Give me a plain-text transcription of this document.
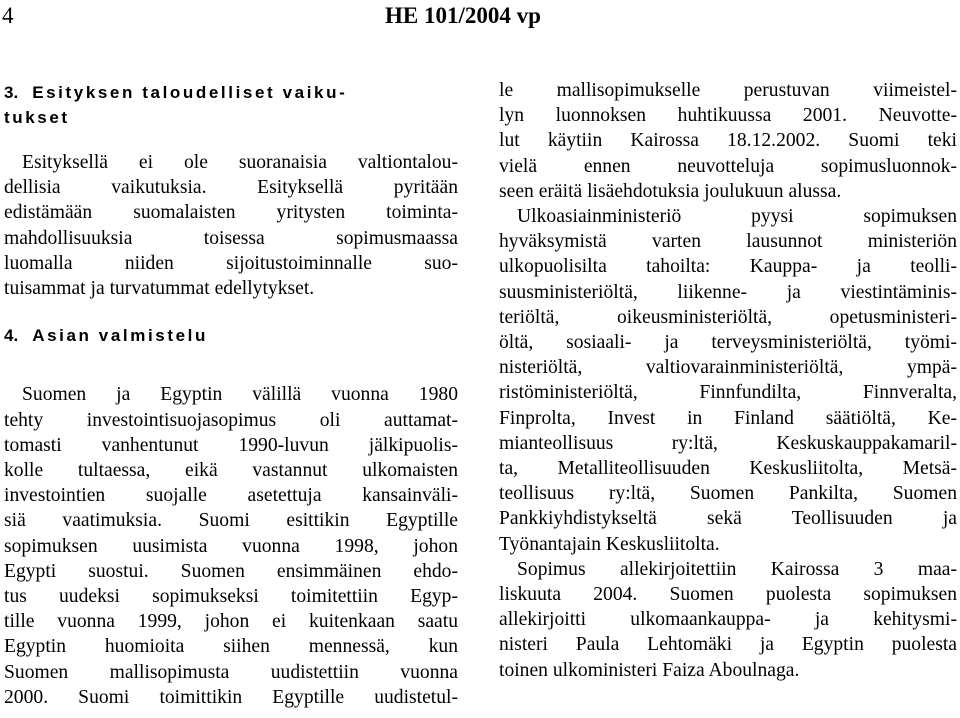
4	HE 101/2004 vp
3. Esityksen taloudelliset vaiku-
tukset

Esityksellä ei ole suoranaisia valtiontalou-

dellisia vaikutuksia. Esityksellä pyritään

edistämään suomalaisten yritysten toiminta-

mahdollisuuksia toisessa sopimusmaassa

luomalla niiden sijoitustoiminnalle suo-

tuisammat ja turvatummat edellytykset.

4. Asian valmistelu

Suomen ja Egyptin välillä vuonna 1980

tehty investointisuojasopimus oli auttamat-

tomasti vanhentunut 1990-luvun jälkipuolis-

kolle tultaessa, eikä vastannut ulkomaisten

investointien suojalle asetettuja kansainväli-

siä vaatimuksia. Suomi esittikin Egyptille

sopimuksen uusimista vuonna 1998, johon

Egypti suostui. Suomen ensimmäinen ehdo-

tus uudeksi sopimukseksi toimitettiin Egyp-

tille vuonna 1999, johon ei kuitenkaan saatu

Egyptin huomioita siihen mennessä, kun

Suomen mallisopimusta uudistettiin vuonna

2000. Suomi toimittikin Egyptille uudistetul-

le mallisopimukselle perustuvan viimeistel-

lyn luonnoksen huhtikuussa 2001. Neuvotte-

lut käytiin Kairossa 18.12.2002. Suomi teki

vielä ennen neuvotteluja sopimusluonnok-

seen eräitä lisäehdotuksia joulukuun alussa.

Ulkoasiainministeriö pyysi sopimuksen

hyväksymistä varten lausunnot ministeriön

ulkopuolisilta tahoilta: Kauppa- ja teolli-

suusministeriöltä, liikenne- ja viestintäminis-

teriöltä, oikeusministeriöltä, opetusministeri-

öltä, sosiaali- ja terveysministeriöltä, työmi-

nisteriöltä, valtiovarainministeriöltä, ympä-

ristöministeriöltä, Finnfundilta, Finnveralta,

Finprolta, Invest in Finland säätiöltä, Ke-

mianteollisuus ry:ltä, Keskuskauppakamaril-

ta, Metalliteollisuuden Keskusliitolta, Metsä-

teollisuus ry:ltä, Suomen Pankilta, Suomen

Pankkiyhdistykseltä sekä Teollisuuden ja

Työnantajain Keskusliitolta.

Sopimus allekirjoitettiin Kairossa 3 maa-

liskuuta 2004. Suomen puolesta sopimuksen

allekirjoitti ulkomaankauppa- ja kehitysmi-

nisteri Paula Lehtomäki ja Egyptin puolesta

toinen ulkoministeri Faiza Aboulnaga.
